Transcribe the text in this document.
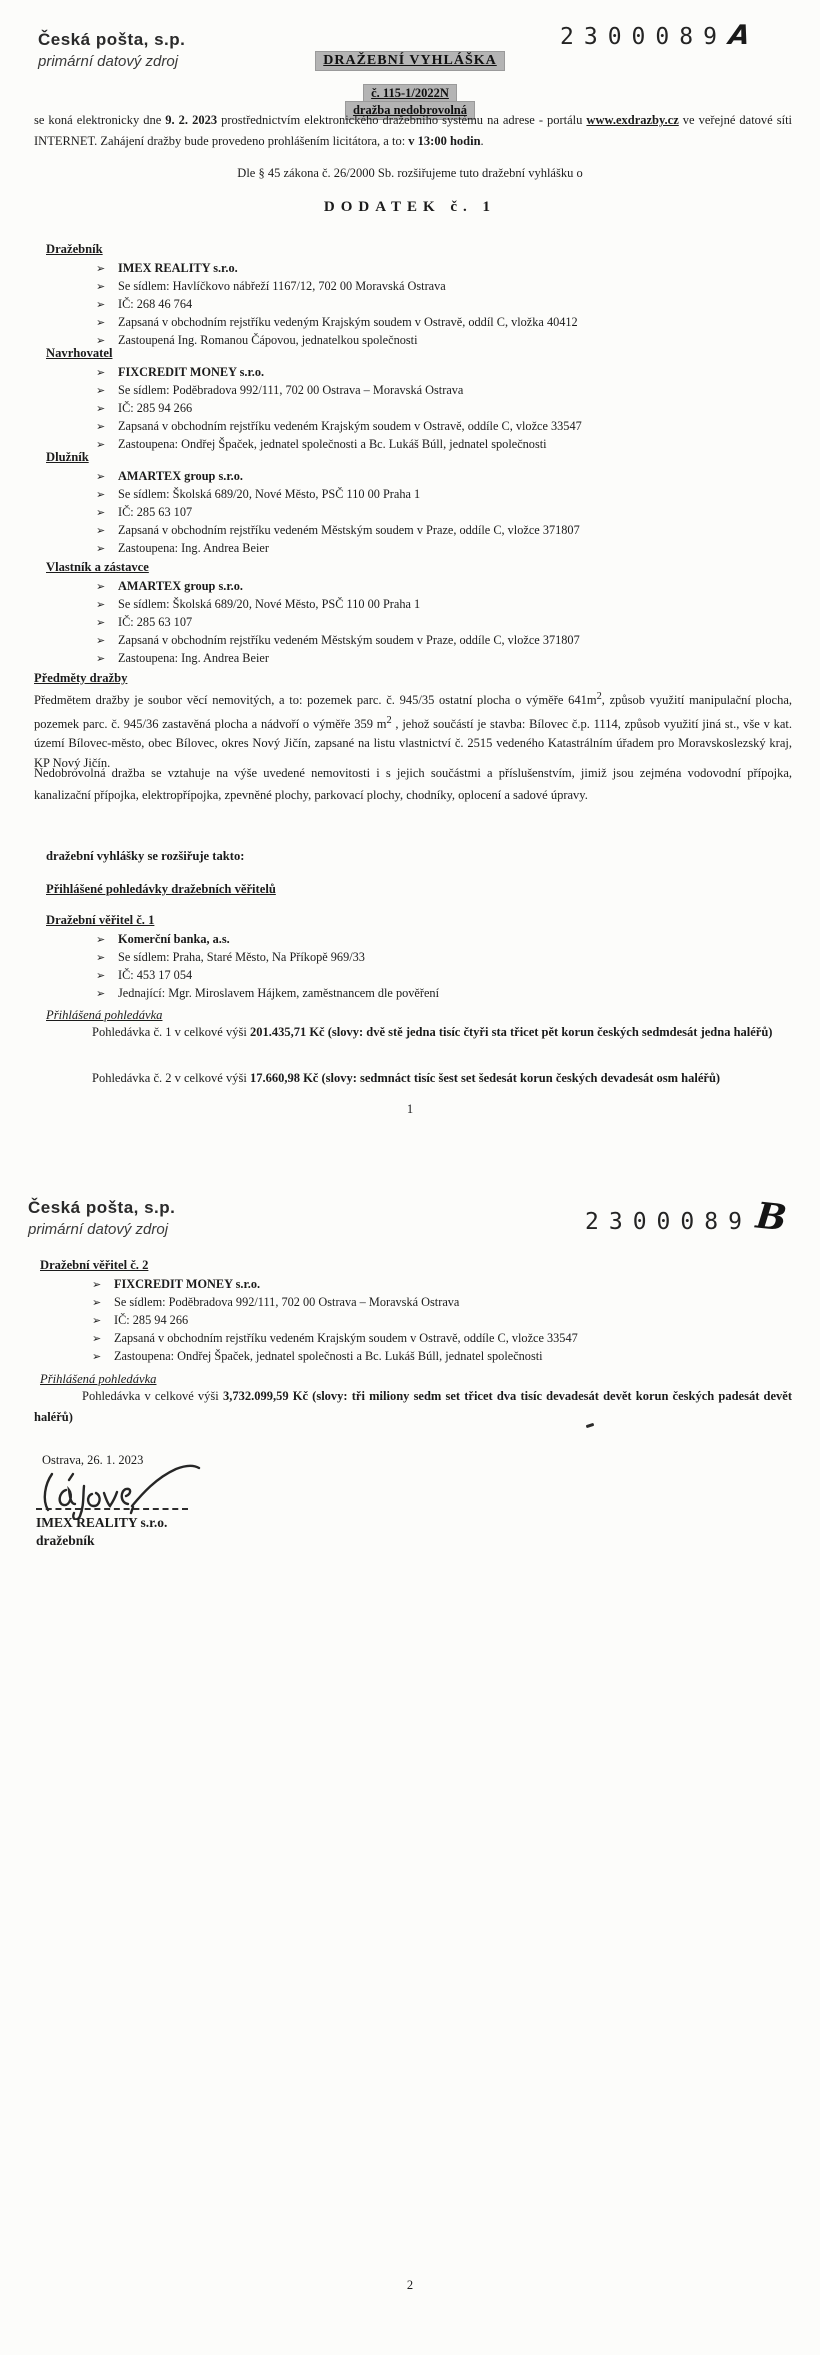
Česká pošta, s.p.
primární datový zdroj
2300089A
DRAŽEBNÍ VYHLÁŠKA
č. 115-1/2022N
dražba nedobrovolná

se koná elektronicky dne 9. 2. 2023 prostřednictvím elektronického dražebního systému na adrese - portálu www.exdrazby.cz ve veřejné datové síti INTERNET. Zahájení dražby bude provedeno prohlášením licitátora, a to: v 13:00 hodin.

Dle § 45 zákona č. 26/2000 Sb. rozšiřujeme tuto dražební vyhlášku o
DODATEK č. 1
Dražebník
➢ IMEX REALITY s.r.o.
➢ Se sídlem: Havlíčkovo nábřeží 1167/12, 702 00 Moravská Ostrava
➢ IČ: 268 46 764
➢ Zapsaná v obchodním rejstříku vedeným Krajským soudem v Ostravě, oddíl C, vložka 40412
➢ Zastoupená Ing. Romanou Čápovou, jednatelkou společnosti
Navrhovatel
➢ FIXCREDIT MONEY s.r.o.
➢ Se sídlem: Poděbradova 992/111, 702 00 Ostrava – Moravská Ostrava
➢ IČ: 285 94 266
➢ Zapsaná v obchodním rejstříku vedeném Krajským soudem v Ostravě, oddíle C, vložce 33547
➢ Zastoupena: Ondřej Špaček, jednatel společnosti a Bc. Lukáš Búll, jednatel společnosti
Dlužník
➢ AMARTEX group s.r.o.
➢ Se sídlem: Školská 689/20, Nové Město, PSČ 110 00 Praha 1
➢ IČ: 285 63 107
➢ Zapsaná v obchodním rejstříku vedeném Městským soudem v Praze, oddíle C, vložce 371807
➢ Zastoupena: Ing. Andrea Beier
Vlastník a zástavce
➢ AMARTEX group s.r.o.
➢ Se sídlem: Školská 689/20, Nové Město, PSČ 110 00 Praha 1
➢ IČ: 285 63 107
➢ Zapsaná v obchodním rejstříku vedeném Městským soudem v Praze, oddíle C, vložce 371807
➢ Zastoupena: Ing. Andrea Beier
Předměty dražby

Předmětem dražby je soubor věcí nemovitých, a to: pozemek parc. č. 945/35 ostatní plocha o výměře $641m^2$, způsob využití manipulační plocha, pozemek parc. č. 945/36 zastavěná plocha a nádvoří o výměře 359 $m^2$ , jehož součástí je stavba: Bílovec č.p. 1114, způsob využití jiná st., vše v kat. území Bílovec-město, obec Bílovec, okres Nový Jičín, zapsané na listu vlastnictví č. 2515 vedeného Katastrálním úřadem pro Moravskoslezský kraj, KP Nový Jičín.

Nedobrovolná dražba se vztahuje na výše uvedené nemovitosti i s jejich součástmi a příslušenstvím, jimiž jsou zejména vodovodní přípojka, kanalizační přípojka, elektropřípojka, zpevněné plochy, parkovací plochy, chodníky, oplocení a sadové úpravy.

dražební vyhlášky se rozšiřuje takto:
Přihlášené pohledávky dražebních věřitelů
Dražební věřitel č. 1
➢ Komerční banka, a.s.
➢ Se sídlem: Praha, Staré Město, Na Příkopě 969/33
➢ IČ: 453 17 054
➢ Jednající: Mgr. Miroslavem Hájkem, zaměstnancem dle pověření
Přihlášená pohledávka

Pohledávka č. 1 v celkové výši 201.435,71 Kč (slovy: dvě stě jedna tisíc čtyři sta třicet pět korun českých sedmdesát jedna haléřů)

Pohledávka č. 2 v celkové výši 17.660,98 Kč (slovy: sedmnáct tisíc šest set šedesát korun českých devadesát osm haléřů)

1
Česká pošta, s.p.
primární datový zdroj	2300089B
Dražební věřitel č. 2
➢ FIXCREDIT MONEY s.r.o.
➢ Se sídlem: Poděbradova 992/111, 702 00 Ostrava – Moravská Ostrava
➢ IČ: 285 94 266
➢ Zapsaná v obchodním rejstříku vedeném Krajským soudem v Ostravě, oddíle C, vložce 33547
➢ Zastoupena: Ondřej Špaček, jednatel společnosti a Bc. Lukáš Búll, jednatel společnosti
Přihlášená pohledávka

Pohledávka v celkové výši 3,732.099,59 Kč (slovy: tři miliony sedm set třicet dva tisíc devadesát devět korun českých padesát devět haléřů)

Ostrava, 26. 1. 2023
IMEX REALITY s.r.o.
dražebník
2
